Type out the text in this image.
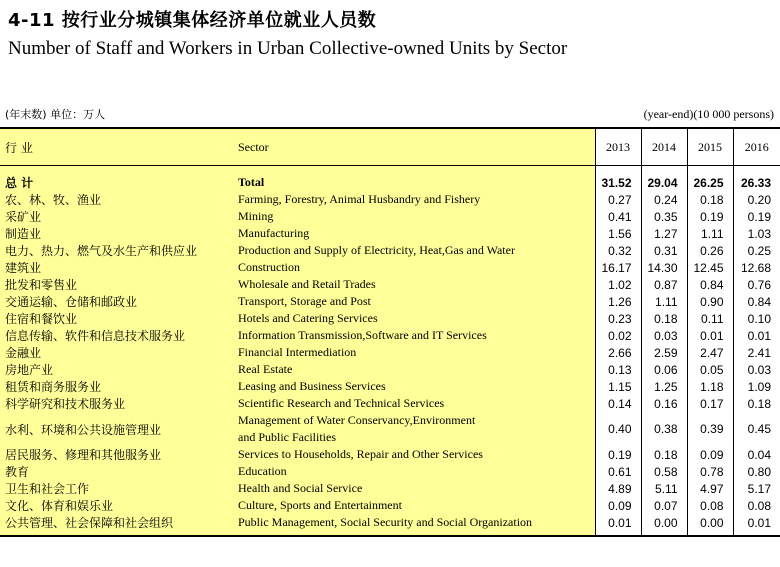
4-11 按行业分城镇集体经济单位就业人员数
Number of Staff and Workers in Urban Collective-owned Units by Sector
(年末数) 单位：万人	(year-end)(10 000 persons)
行 业	Sector	2013	2014	2015	2016
总 计	Total	31.52	29.04	26.25	26.33
农、林、牧、渔业	Farming, Forestry, Animal Husbandry and Fishery	0.27	0.24	0.18	0.20
采矿业	Mining	0.41	0.35	0.19	0.19
制造业	Manufacturing	1.56	1.27	1.11	1.03
电力、热力、燃气及水生产和供应业	Production and Supply of Electricity, Heat,Gas and Water	0.32	0.31	0.26	0.25
建筑业	Construction	16.17	14.30	12.45	12.68
批发和零售业	Wholesale and Retail Trades	1.02	0.87	0.84	0.76
交通运输、仓储和邮政业	Transport, Storage and Post	1.26	1.11	0.90	0.84
住宿和餐饮业	Hotels and Catering Services	0.23	0.18	0.11	0.10
信息传输、软件和信息技术服务业	Information Transmission,Software and IT Services	0.02	0.03	0.01	0.01
金融业	Financial Intermediation	2.66	2.59	2.47	2.41
房地产业	Real Estate	0.13	0.06	0.05	0.03
租赁和商务服务业	Leasing and Business Services	1.15	1.25	1.18	1.09
科学研究和技术服务业	Scientific Research and Technical Services	0.14	0.16	0.17	0.18
水利、环境和公共设施管理业	Management of Water Conservancy,Environment
and Public Facilities	0.40	0.38	0.39	0.45
居民服务、修理和其他服务业	Services to Households, Repair and Other Services	0.19	0.18	0.09	0.04
教育	Education	0.61	0.58	0.78	0.80
卫生和社会工作	Health and Social Service	4.89	5.11	4.97	5.17
文化、体育和娱乐业	Culture, Sports and Entertainment	0.09	0.07	0.08	0.08
公共管理、社会保障和社会组织	Public Management, Social Security and Social Organization	0.01	0.00	0.00	0.01
